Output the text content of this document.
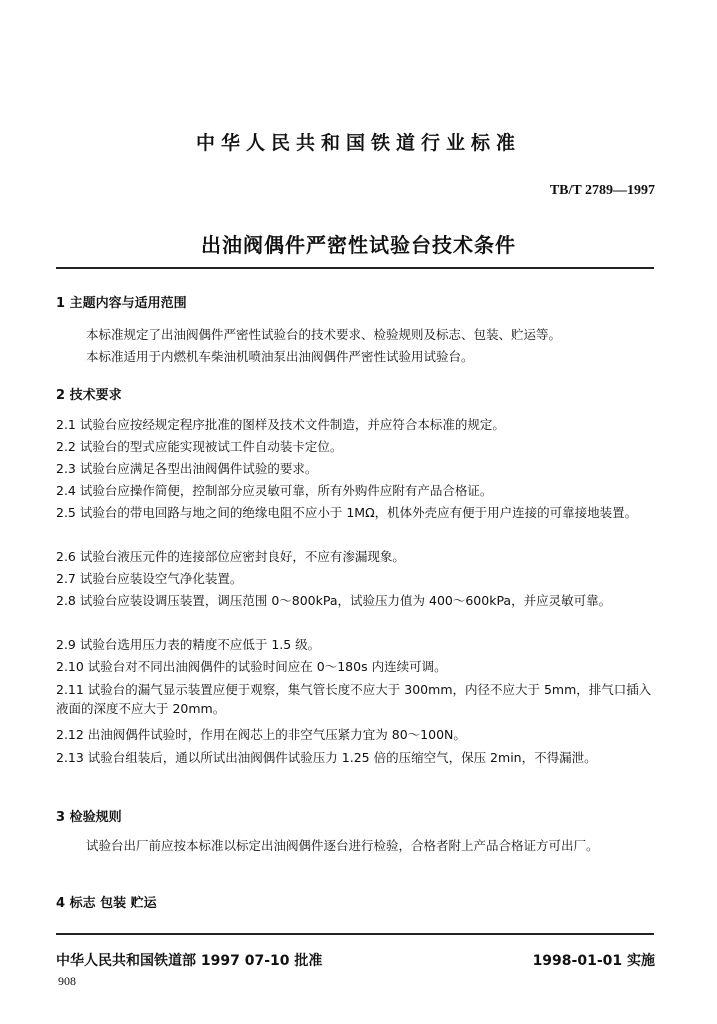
中华人民共和国铁道行业标准
TB/T 2789—1997
出油阀偶件严密性试验台技术条件
1 主题内容与适用范围
本标准规定了出油阀偶件严密性试验台的技术要求、检验规则及标志、包装、贮运等。
本标准适用于内燃机车柴油机喷油泵出油阀偶件严密性试验用试验台。
2 技术要求
2.1 试验台应按经规定程序批准的图样及技术文件制造，并应符合本标准的规定。
2.2 试验台的型式应能实现被试工件自动装卡定位。
2.3 试验台应满足各型出油阀偶件试验的要求。
2.4 试验台应操作简便，控制部分应灵敏可靠，所有外购件应附有产品合格证。
2.5 试验台的带电回路与地之间的绝缘电阻不应小于 1MΩ，机体外壳应有便于用户连接的可靠接地装置。
2.6 试验台液压元件的连接部位应密封良好，不应有渗漏现象。
2.7 试验台应装设空气净化装置。
2.8 试验台应装设调压装置，调压范围 0～800kPa，试验压力值为 400～600kPa，并应灵敏可靠。
2.9 试验台选用压力表的精度不应低于 1.5 级。
2.10 试验台对不同出油阀偶件的试验时间应在 0～180s 内连续可调。
2.11 试验台的漏气显示装置应便于观察，集气管长度不应大于 300mm，内径不应大于 5mm，排气口插入液面的深度不应大于 20mm。
2.12 出油阀偶件试验时，作用在阀芯上的非空气压紧力宜为 80～100N。
2.13 试验台组装后，通以所试出油阀偶件试验压力 1.25 倍的压缩空气，保压 2min，不得漏泄。
3 检验规则
试验台出厂前应按本标准以标定出油阀偶件逐台进行检验，合格者附上产品合格证方可出厂。
4 标志 包装 贮运
中华人民共和国铁道部 1997 07-10 批准	1998-01-01 实施
908
